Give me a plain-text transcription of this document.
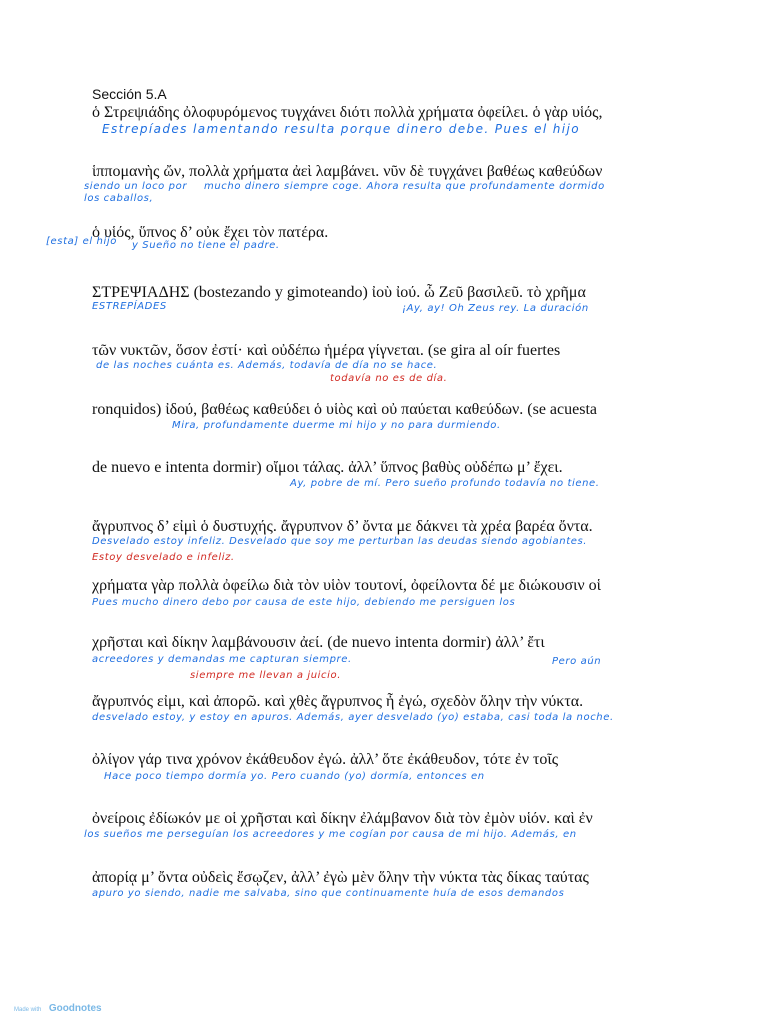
Sección 5.A
ὁ Στρεψιάδης ὀλοφυρόμενος τυγχάνει διότι πολλὰ χρήματα ὀφείλει. ὁ γὰρ υἱός,
Estrepíades lamentando resulta porque dinero debe. Pues el hijo
ἱππομανὴς ὤν, πολλὰ χρήματα ἀεὶ λαμβάνει. νῦν δὲ τυγχάνει βαθέως καθεύδων
siendo un loco por
los caballos,
mucho dinero siempre coge. Ahora resulta que profundamente dormido
ὁ υἱός, ὕπνος δ’ οὐκ ἔχει τὸν πατέρα.
[esta] el hijo y Sueño no tiene el padre.
ΣΤΡΕΨΙΑΔΗΣ (bostezando y gimoteando) ἰοὺ ἰού. ὦ Ζεῦ βασιλεῦ. τὸ χρῆμα
ESTREPÍADES	¡Ay, ay! Oh Zeus rey. La duración
τῶν νυκτῶν, ὅσον ἐστί· καὶ οὐδέπω ἡμέρα γίγνεται. (se gira al oír fuertes
de las noches cuánta es. Además, todavía de día no se hace.
todavía no es de día.
ronquidos) ἰδού, βαθέως καθεύδει ὁ υἱὸς καὶ οὐ παύεται καθεύδων. (se acuesta
Mira, profundamente duerme mi hijo y no para durmiendo.
de nuevo e intenta dormir) οἴμοι τάλας. ἀλλ’ ὕπνος βαθὺς οὐδέπω μ’ ἔχει.
Ay, pobre de mí. Pero sueño profundo todavía no tiene.
ἄγρυπνος δ’ εἰμὶ ὁ δυστυχής. ἄγρυπνον δ’ ὄντα με δάκνει τὰ χρέα βαρέα ὄντα.
Desvelado estoy infeliz. Desvelado que soy me perturban las deudas siendo agobiantes.
Estoy desvelado e infeliz.
χρήματα γὰρ πολλὰ ὀφείλω διὰ τὸν υἱὸν τουτονί, ὀφείλοντα δέ με διώκουσιν οἱ
Pues mucho dinero debo por causa de este hijo, debiendo me persiguen los
χρῆσται καὶ δίκην λαμβάνουσιν ἀεί. (de nuevo intenta dormir) ἀλλ’ ἔτι
acreedores y demandas me capturan siempre.	Pero aún
siempre me llevan a juicio.
ἄγρυπνός εἰμι, καὶ ἀπορῶ. καὶ χθὲς ἄγρυπνος ἦ ἐγώ, σχεδὸν ὅλην τὴν νύκτα.
desvelado estoy, y estoy en apuros. Además, ayer desvelado (yo) estaba, casi toda la noche.
ὀλίγον γάρ τινα χρόνον ἐκάθευδον ἐγώ. ἀλλ’ ὅτε ἐκάθευδον, τότε ἐν τοῖς
Hace poco tiempo dormía yo. Pero cuando (yo) dormía, entonces en
ὀνείροις ἐδίωκόν με οἱ χρῆσται καὶ δίκην ἐλάμβανον διὰ τὸν ἐμὸν υἱόν. καὶ ἐν
los sueños me perseguían los acreedores y me cogían por causa de mi hijo. Además, en
ἀπορίᾳ μ’ ὄντα οὐδεὶς ἔσῳζεν, ἀλλ’ ἐγὼ μὲν ὅλην τὴν νύκτα τὰς δίκας ταύτας
apuro yo siendo, nadie me salvaba, sino que continuamente huía de esos demandos
Made with Goodnotes
